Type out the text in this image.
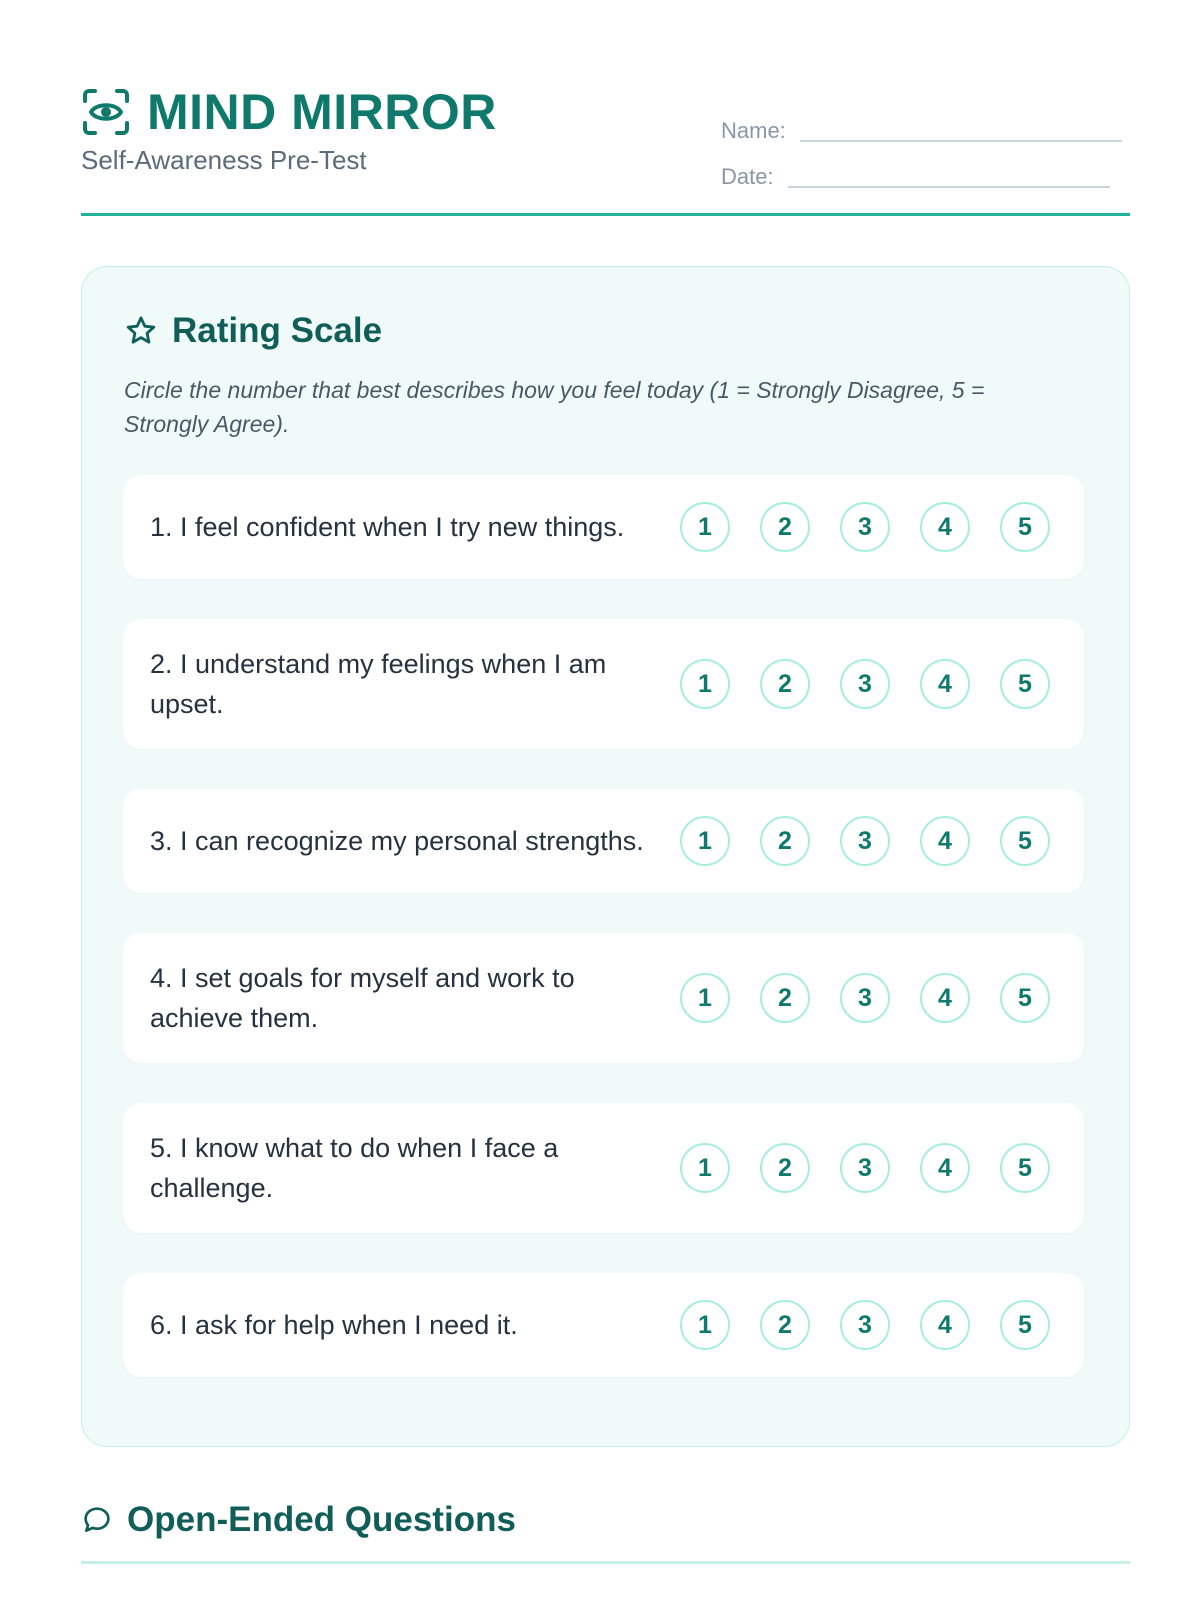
MIND MIRROR
Self-Awareness Pre-Test
Name:
Date:
Rating Scale
Circle the number that best describes how you feel today (1 = Strongly Disagree, 5 = Strongly Agree).
1. I feel confident when I try new things.	1	2	3	4	5
2. I understand my feelings when I am upset.
1	2	3	4	5
3. I can recognize my personal strengths.	1	2	3	4	5
4. I set goals for myself and work to achieve them.
1	2	3	4	5
5. I know what to do when I face a challenge.
1	2	3	4	5
6. I ask for help when I need it.	1	2	3	4	5
Open-Ended Questions
